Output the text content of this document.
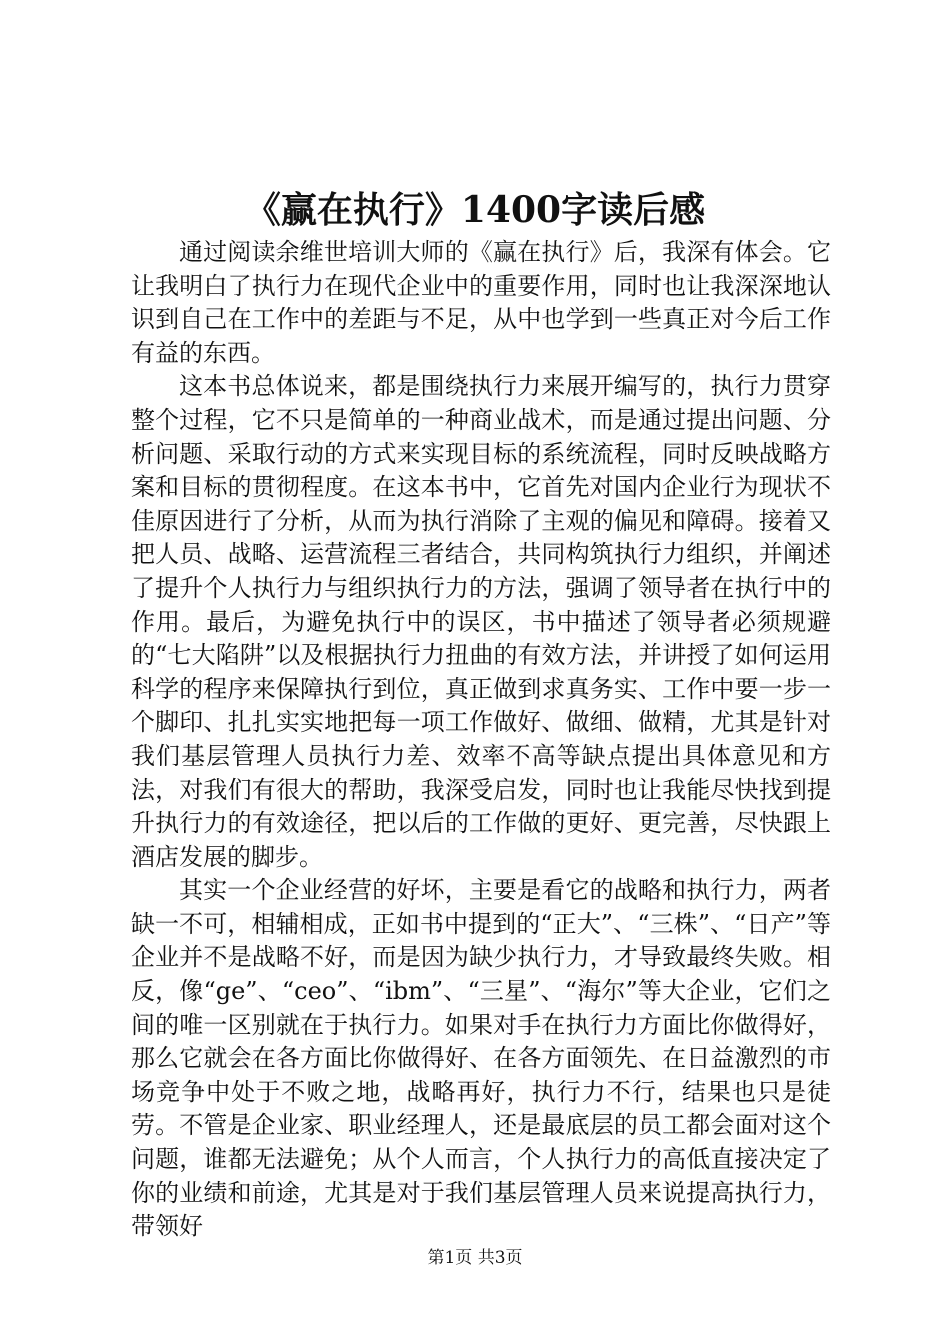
《赢在执行》1400字读后感

通过阅读余维世培训大师的《赢在执行》后，我深有体会。它让我明白了执行力在现代企业中的重要作用，同时也让我深深地认识到自己在工作中的差距与不足，从中也学到一些真正对今后工作有益的东西。

这本书总体说来，都是围绕执行力来展开编写的，执行力贯穿整个过程，它不只是简单的一种商业战术，而是通过提出问题、分析问题、采取行动的方式来实现目标的系统流程，同时反映战略方案和目标的贯彻程度。在这本书中，它首先对国内企业行为现状不佳原因进行了分析，从而为执行消除了主观的偏见和障碍。接着又把人员、战略、运营流程三者结合，共同构筑执行力组织，并阐述了提升个人执行力与组织执行力的方法，强调了领导者在执行中的作用。最后，为避免执行中的误区，书中描述了领导者必须规避的“七大陷阱”以及根据执行力扭曲的有效方法，并讲授了如何运用科学的程序来保障执行到位，真正做到求真务实、工作中要一步一个脚印、扎扎实实地把每一项工作做好、做细、做精，尤其是针对我们基层管理人员执行力差、效率不高等缺点提出具体意见和方法，对我们有很大的帮助，我深受启发，同时也让我能尽快找到提升执行力的有效途径，把以后的工作做的更好、更完善，尽快跟上酒店发展的脚步。

其实一个企业经营的好坏，主要是看它的战略和执行力，两者缺一不可，相辅相成，正如书中提到的“正大”、“三株”、“日产”等企业并不是战略不好，而是因为缺少执行力，才导致最终失败。相反，像“ge”、“ceo”、“ibm”、“三星”、“海尔”等大企业，它们之间的唯一区别就在于执行力。如果对手在执行力方面比你做得好，那么它就会在各方面比你做得好、在各方面领先、在日益激烈的市场竞争中处于不败之地，战略再好，执行力不行，结果也只是徒劳。不管是企业家、职业经理人，还是最底层的员工都会面对这个问题，谁都无法避免；从个人而言，个人执行力的高低直接决定了你的业绩和前途，尤其是对于我们基层管理人员来说提高执行力，带领好

第1页 共3页
